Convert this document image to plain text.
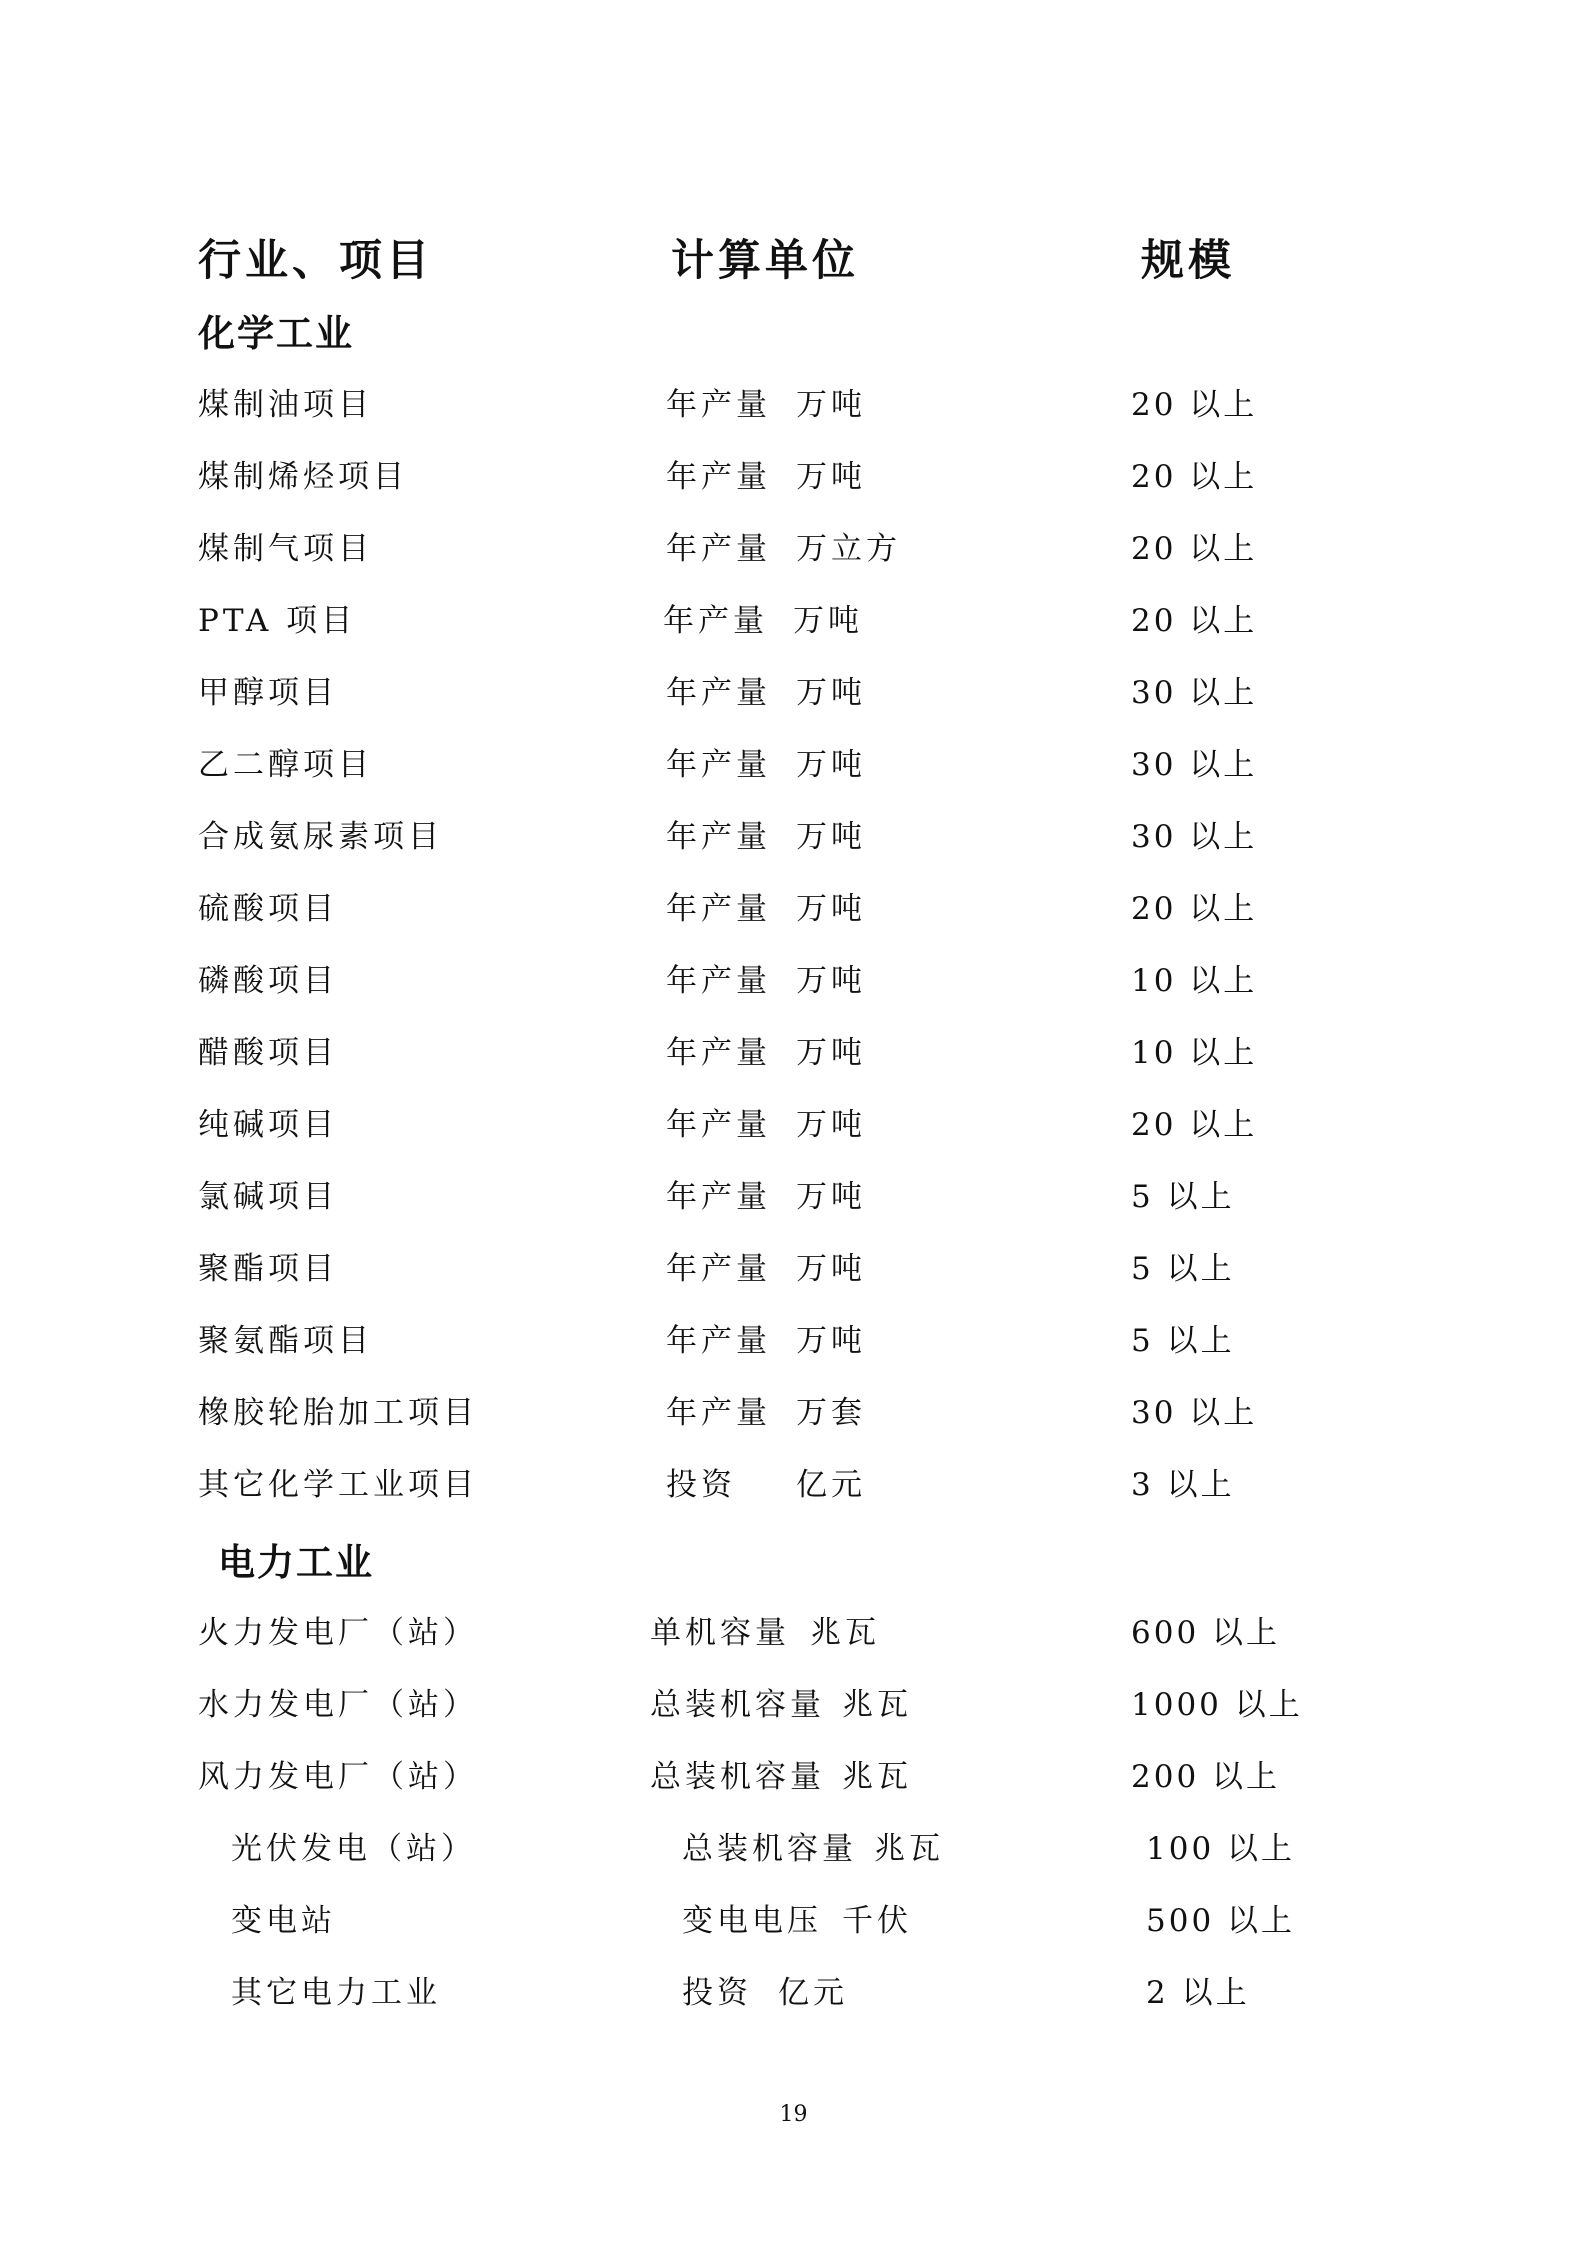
行业、项目	计算单位	规模
化学工业
煤制油项目	年产量 万吨	20 以上
煤制烯烃项目	年产量 万吨	20 以上
煤制气项目	年产量 万立方	20 以上
PTA 项目	年产量 万吨	20 以上
甲醇项目	年产量 万吨	30 以上
乙二醇项目	年产量 万吨	30 以上
合成氨尿素项目	年产量 万吨	30 以上
硫酸项目	年产量 万吨	20 以上
磷酸项目	年产量 万吨	10 以上
醋酸项目	年产量 万吨	10 以上
纯碱项目	年产量 万吨	20 以上
氯碱项目	年产量 万吨	5 以上
聚酯项目	年产量 万吨	5 以上
聚氨酯项目	年产量 万吨	5 以上
橡胶轮胎加工项目	年产量 万套	30 以上
其它化学工业项目	投资 亿元	3 以上
电力工业
火力发电厂（站）	单机容量 兆瓦	600 以上
水力发电厂（站）	总装机容量 兆瓦	1000 以上
风力发电厂（站）	总装机容量 兆瓦	200 以上
光伏发电（站）	总装机容量 兆瓦	100 以上
变电站	变电电压 千伏	500 以上
其它电力工业	投资 亿元	2 以上
19
